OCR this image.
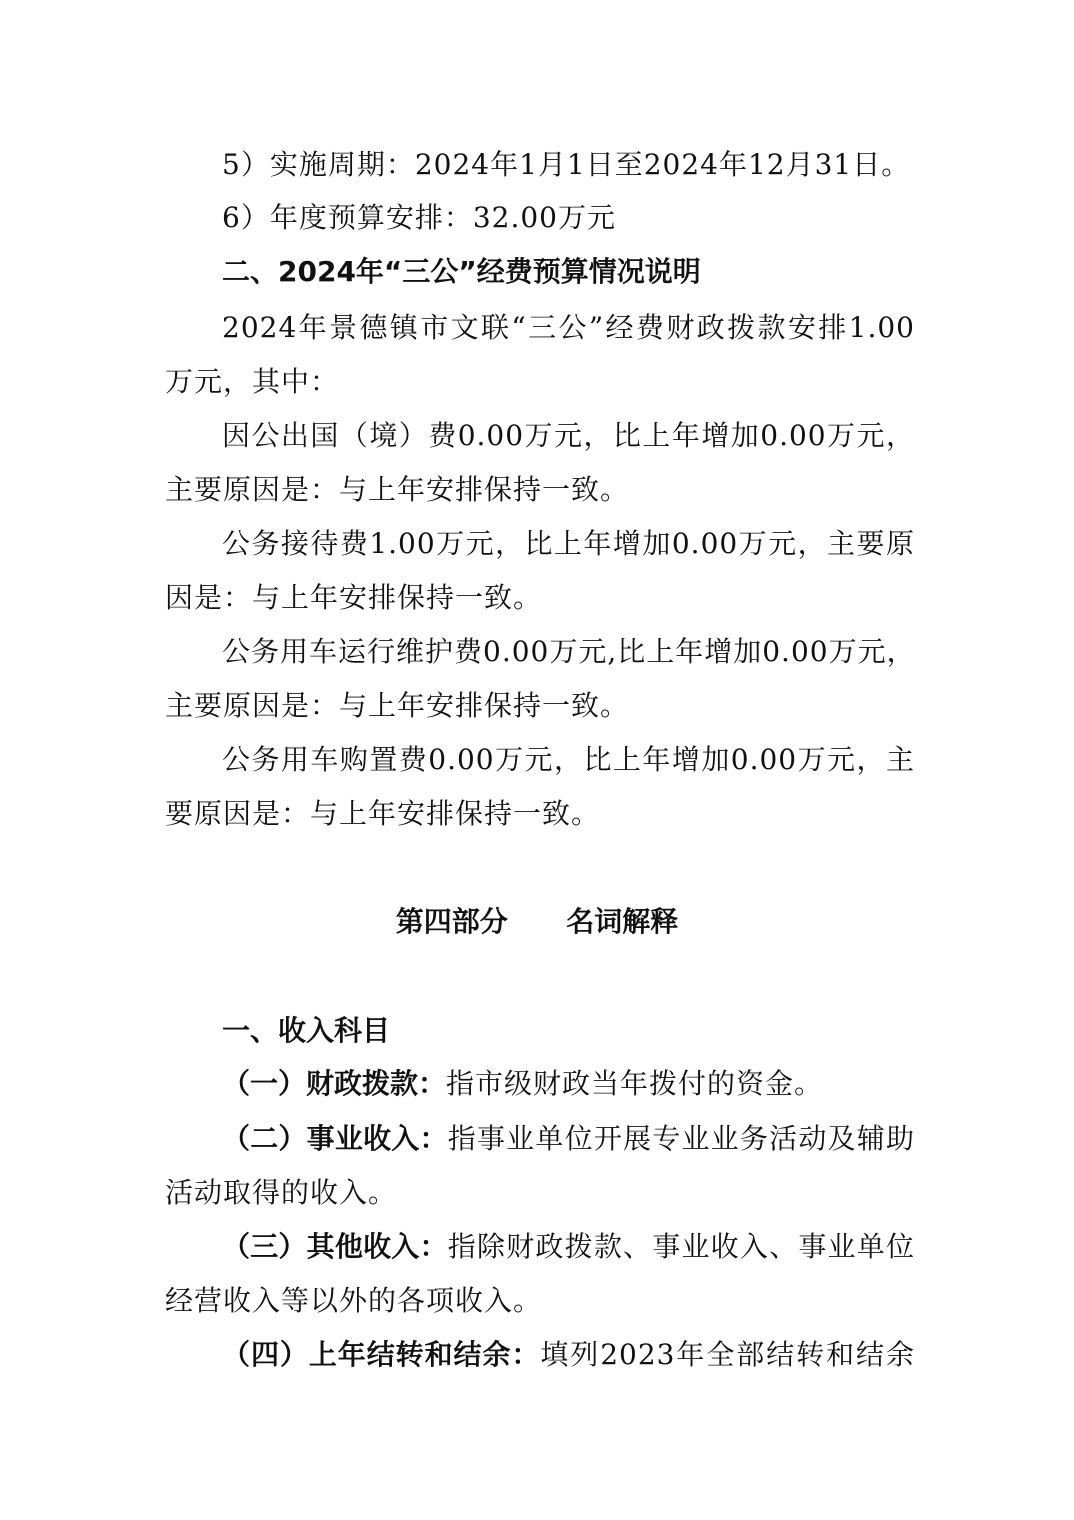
5）实施周期：2024年1月1日至2024年12月31日。
6）年度预算安排：32.00万元
二、2024年“三公”经费预算情况说明
2024年景德镇市文联“三公”经费财政拨款安排1.00
万元，其中：
因公出国（境）费0.00万元，比上年增加0.00万元，
主要原因是：与上年安排保持一致。
公务接待费1.00万元，比上年增加0.00万元，主要原
因是：与上年安排保持一致。
公务用车运行维护费0.00万元,比上年增加0.00万元，
主要原因是：与上年安排保持一致。
公务用车购置费0.00万元，比上年增加0.00万元，主
要原因是：与上年安排保持一致。
第四部分      名词解释
一、收入科目
（一）财政拨款：指市级财政当年拨付的资金。
（二）事业收入：指事业单位开展专业业务活动及辅助
活动取得的收入。
（三）其他收入：指除财政拨款、事业收入、事业单位
经营收入等以外的各项收入。
（四）上年结转和结余：填列2023年全部结转和结余
